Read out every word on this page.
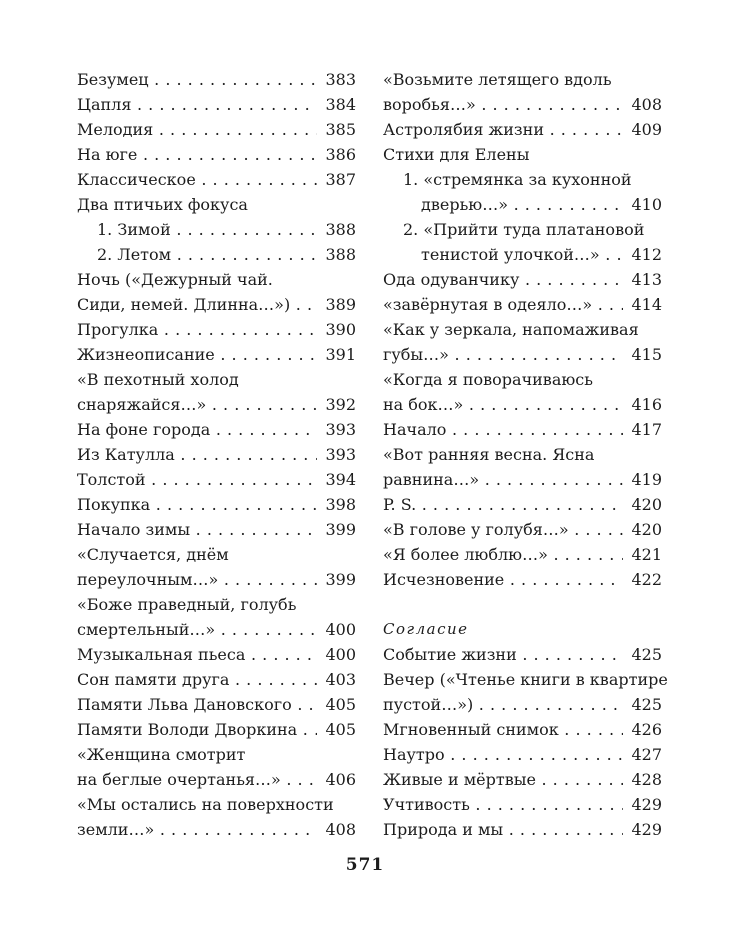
Безумец . . .	383
Цапля . . .	384
Мелодия . . .	385
На юге . . .	386
Классическое . . .	387
Два птичьих фокуса
1. Зимой . . .	388
2. Летом . . .	388
Ночь («Дежурный чай.
Сиди, немей. Длинна…») . . .	389
Прогулка . . .	390
Жизнеописание . . .	391
«В пехотный холод
снаряжайся…» . . .	392
На фоне города . . .	393
Из Катулла . . .	393
Толстой . . .	394
Покупка . . .	398
Начало зимы . . .	399
«Случается, днём
переулочным…» . . .	399
«Боже праведный, голубь
смертельный…» . . .	400
Музыкальная пьеса . . .	400
Сон памяти друга . . .	403
Памяти Льва Дановского . . .	405
Памяти Володи Дворкина . . .	405
«Женщина смотрит
на беглые очертанья…» . . .	406
«Мы остались на поверхности
земли…» . . .	408
«Возьмите летящего вдоль
воробья…» . . .	408
Астролябия жизни . . .	409
Стихи для Елены
1. «стремянка за кухонной
дверью…» . . .	410
2. «Прийти туда платановой
тенистой улочкой…» . . .	412
Ода одуванчику . . .	413
«завёрнутая в одеяло…» . . .	414
«Как у зеркала, напомаживая
губы…» . . .	415
«Когда я поворачиваюсь
на бок…» . . .	416
Начало . . .	417
«Вот ранняя весна. Ясна
равнина…» . . .	419
P. S. . . .	420
«В голове у голубя…» . . .	420
«Я более люблю…» . . .	421
Исчезновение . . .	422
Согласие
Событие жизни . . .	425
Вечер («Чтенье книги в квартире
пустой…») . . .	425
Мгновенный снимок . . .	426
Наутро . . .	427
Живые и мёртвые . . .	428
Учтивость . . .	429
Природа и мы . . .	429
571
